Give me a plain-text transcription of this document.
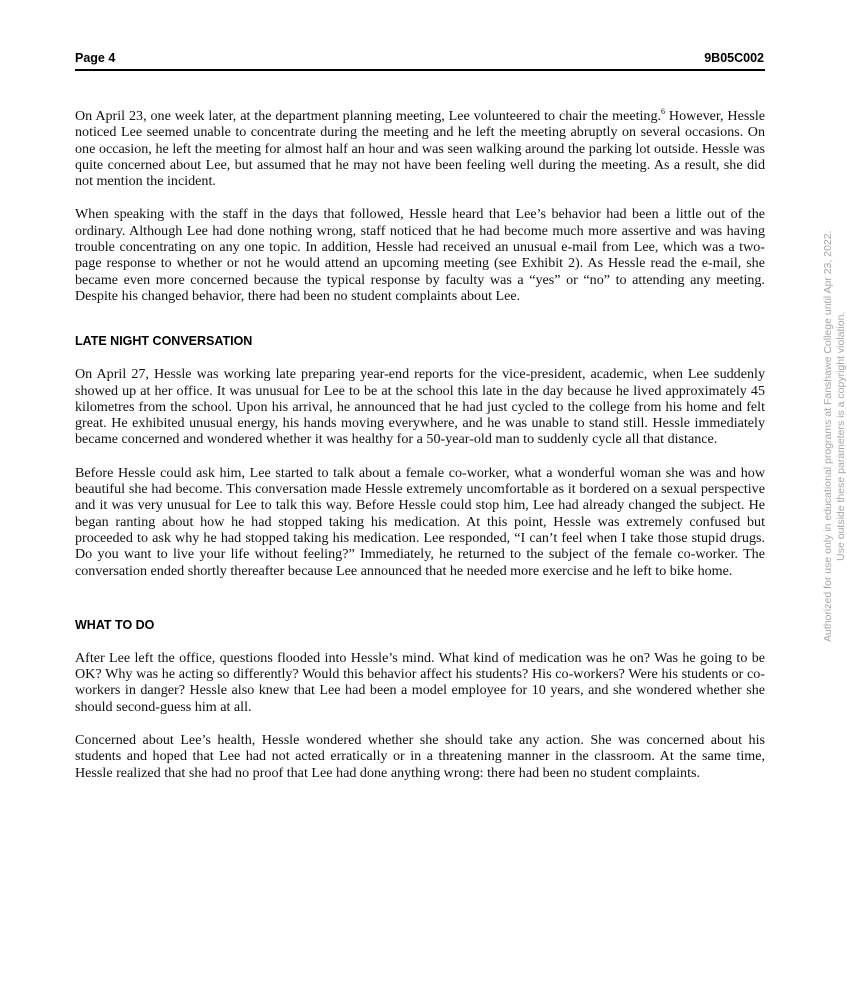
Page 4	9B05C002

On April 23, one week later, at the department planning meeting, Lee volunteered to chair the meeting.$^6$ However, Hessle noticed Lee seemed unable to concentrate during the meeting and he left the meeting abruptly on several occasions. On one occasion, he left the meeting for almost half an hour and was seen walking around the parking lot outside. Hessle was quite concerned about Lee, but assumed that he may not have been feeling well during the meeting. As a result, she did not mention the incident.

When speaking with the staff in the days that followed, Hessle heard that Lee’s behavior had been a little out of the ordinary. Although Lee had done nothing wrong, staff noticed that he had become much more assertive and was having trouble concentrating on any one topic. In addition, Hessle had received an unusual e-mail from Lee, which was a two-page response to whether or not he would attend an upcoming meeting (see Exhibit 2). As Hessle read the e-mail, she became even more concerned because the typical response by faculty was a “yes” or “no” to attending any meeting. Despite his changed behavior, there had been no student complaints about Lee.

LATE NIGHT CONVERSATION

On April 27, Hessle was working late preparing year-end reports for the vice-president, academic, when Lee suddenly showed up at her office. It was unusual for Lee to be at the school this late in the day because he lived approximately 45 kilometres from the school. Upon his arrival, he announced that he had just cycled to the college from his home and felt great. He exhibited unusual energy, his hands moving everywhere, and he was unable to stand still. Hessle immediately became concerned and wondered whether it was healthy for a 50-year-old man to suddenly cycle all that distance.

Before Hessle could ask him, Lee started to talk about a female co-worker, what a wonderful woman she was and how beautiful she had become. This conversation made Hessle extremely uncomfortable as it bordered on a sexual perspective and it was very unusual for Lee to talk this way. Before Hessle could stop him, Lee had already changed the subject. He began ranting about how he had stopped taking his medication. At this point, Hessle was extremely confused but proceeded to ask why he had stopped taking his medication. Lee responded, “I can’t feel when I take those stupid drugs. Do you want to live your life without feeling?” Immediately, he returned to the subject of the female co-worker. The conversation ended shortly thereafter because Lee announced that he needed more exercise and he left to bike home.

WHAT TO DO

After Lee left the office, questions flooded into Hessle’s mind. What kind of medication was he on? Was he going to be OK? Why was he acting so differently? Would this behavior affect his students? His co-workers? Were his students or co-workers in danger? Hessle also knew that Lee had been a model employee for 10 years, and she wondered whether she should second-guess him at all.

Concerned about Lee’s health, Hessle wondered whether she should take any action. She was concerned about his students and hoped that Lee had not acted erratically or in a threatening manner in the classroom. At the same time, Hessle realized that she had no proof that Lee had done anything wrong: there had been no student complaints.

Authorized for use only in educational programs at Fanshawe College until Apr 23, 2022. Use outside these parameters is a copyright violation.
